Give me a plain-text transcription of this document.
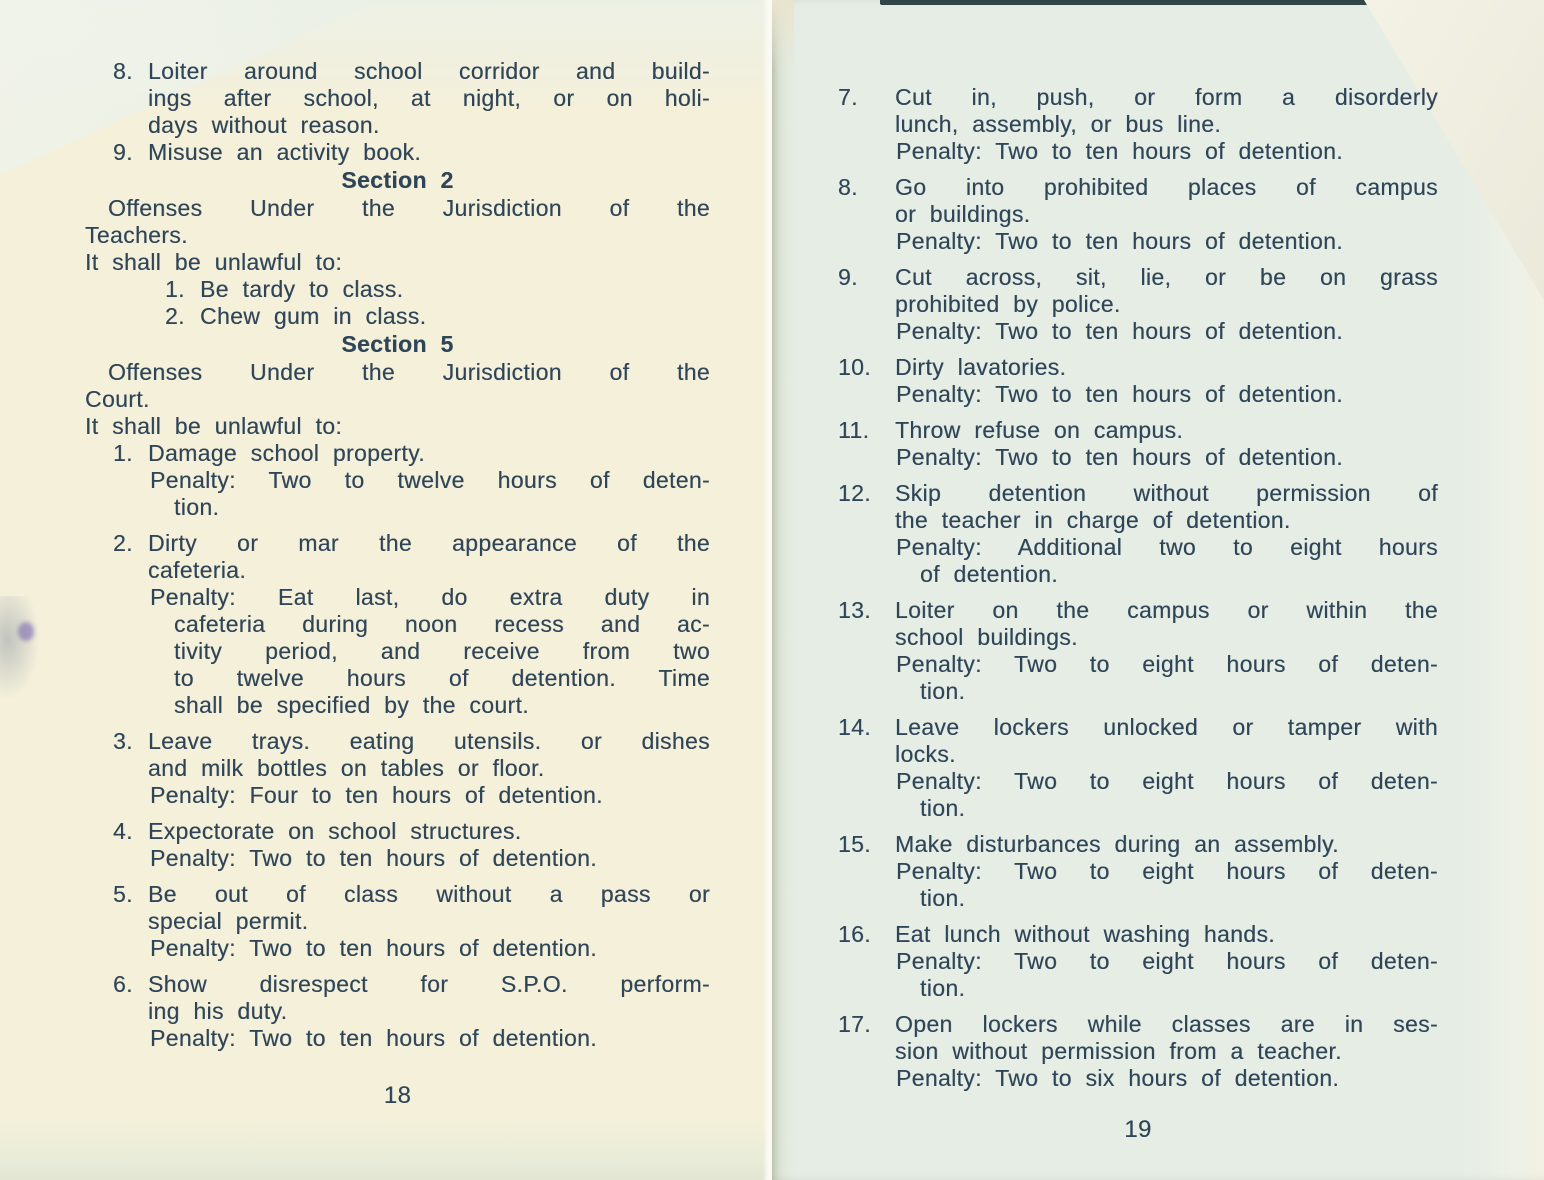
8. Loiter around school corridor and build-
ings after school, at night, or on holi-
days without reason.
9. Misuse an activity book.
Section 2
Offenses Under the Jurisdiction of the
Teachers.
It shall be unlawful to:
1. Be tardy to class.
2. Chew gum in class.
Section 5
Offenses Under the Jurisdiction of the
Court.
It shall be unlawful to:
1. Damage school property.
Penalty: Two to twelve hours of deten-
tion.
2. Dirty or mar the appearance of the
cafeteria.
Penalty: Eat last, do extra duty in
cafeteria during noon recess and ac-
tivity period, and receive from two
to twelve hours of detention. Time
shall be specified by the court.
3. Leave trays. eating utensils. or dishes
and milk bottles on tables or floor.
Penalty: Four to ten hours of detention.
4. Expectorate on school structures.
Penalty: Two to ten hours of detention.
5. Be out of class without a pass or
special permit.
Penalty: Two to ten hours of detention.
6. Show disrespect for S.P.O. perform-
ing his duty.
Penalty: Two to ten hours of detention.
18
7.	Cut in, push, or form a disorderly
lunch, assembly, or bus line.
Penalty: Two to ten hours of detention.
8.	Go into prohibited places of campus
or buildings.
Penalty: Two to ten hours of detention.
9.	Cut across, sit, lie, or be on grass
prohibited by police.
Penalty: Two to ten hours of detention.
10.	Dirty lavatories.
Penalty: Two to ten hours of detention.
11.	Throw refuse on campus.
Penalty: Two to ten hours of detention.
12.	Skip detention without permission of
the teacher in charge of detention.
Penalty: Additional two to eight hours
of detention.
13.	Loiter on the campus or within the
school buildings.
Penalty: Two to eight hours of deten-
tion.
14.	Leave lockers unlocked or tamper with
locks.
Penalty: Two to eight hours of deten-
tion.
15.	Make disturbances during an assembly.
Penalty: Two to eight hours of deten-
tion.
16.	Eat lunch without washing hands.
Penalty: Two to eight hours of deten-
tion.
17.	Open lockers while classes are in ses-
sion without permission from a teacher.
Penalty: Two to six hours of detention.
19
